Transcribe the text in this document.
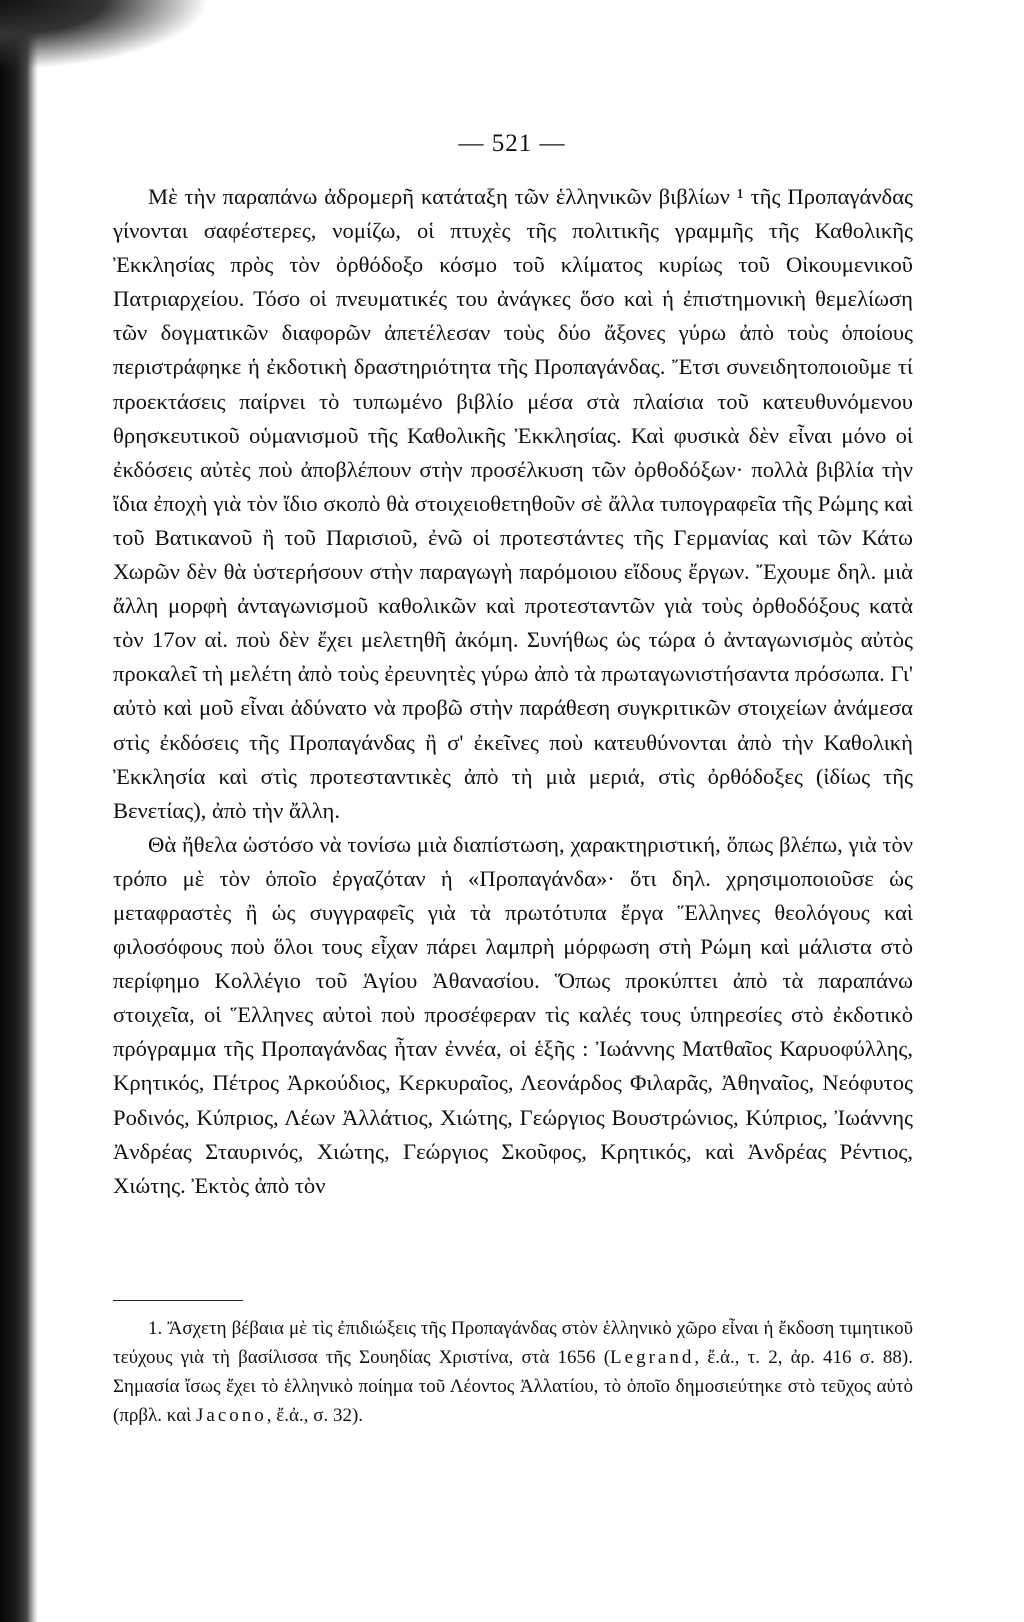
— 521 —

Μὲ τὴν παραπάνω ἀδρομερῆ κατάταξη τῶν ἑλληνικῶν βιβλίων ¹ τῆς Προπαγάνδας γίνονται σαφέστερες, νομίζω, οἱ πτυχὲς τῆς πολιτικῆς γραμμῆς τῆς Καθολικῆς Ἐκκλησίας πρὸς τὸν ὀρθόδοξο κόσμο τοῦ κλίματος κυρίως τοῦ Οἰκουμενικοῦ Πατριαρχείου. Τόσο οἱ πνευματικές του ἀνάγκες ὅσο καὶ ἡ ἐπιστημονικὴ θεμελίωση τῶν δογματικῶν διαφορῶν ἀπετέλεσαν τοὺς δύο ἄξονες γύρω ἀπὸ τοὺς ὁποίους περιστράφηκε ἡ ἐκδοτικὴ δραστηριότητα τῆς Προπαγάνδας. Ἔτσι συνειδητοποιοῦμε τί προεκτάσεις παίρνει τὸ τυπωμένο βιβλίο μέσα στὰ πλαίσια τοῦ κατευθυνόμενου θρησκευτικοῦ οὑμανισμοῦ τῆς Καθολικῆς Ἐκκλησίας. Καὶ φυσικὰ δὲν εἶναι μόνο οἱ ἐκδόσεις αὐτὲς ποὺ ἀποβλέπουν στὴν προσέλκυση τῶν ὀρθοδόξων· πολλὰ βιβλία τὴν ἴδια ἐποχὴ γιὰ τὸν ἴδιο σκοπὸ θὰ στοιχειοθετηθοῦν σὲ ἄλλα τυπογραφεῖα τῆς Ρώμης καὶ τοῦ Βατικανοῦ ἢ τοῦ Παρισιοῦ, ἐνῶ οἱ προτεστάντες τῆς Γερμανίας καὶ τῶν Κάτω Χωρῶν δὲν θὰ ὑστερήσουν στὴν παραγωγὴ παρόμοιου εἴδους ἔργων. Ἔχουμε δηλ. μιὰ ἄλλη μορφὴ ἀνταγωνισμοῦ καθολικῶν καὶ προτεσταντῶν γιὰ τοὺς ὀρθοδόξους κατὰ τὸν 17ον αἰ. ποὺ δὲν ἔχει μελετηθῆ ἀκόμη. Συνήθως ὡς τώρα ὁ ἀνταγωνισμὸς αὐτὸς προκαλεῖ τὴ μελέτη ἀπὸ τοὺς ἐρευνητὲς γύρω ἀπὸ τὰ πρωταγωνιστήσαντα πρόσωπα. Γι' αὐτὸ καὶ μοῦ εἶναι ἀδύνατο νὰ προβῶ στὴν παράθεση συγκριτικῶν στοιχείων ἀνάμεσα στὶς ἐκδόσεις τῆς Προπαγάνδας ἢ σ' ἐκεῖνες ποὺ κατευθύνονται ἀπὸ τὴν Καθολικὴ Ἐκκλησία καὶ στὶς προτεσταντικὲς ἀπὸ τὴ μιὰ μεριά, στὶς ὀρθόδοξες (ἰδίως τῆς Βενετίας), ἀπὸ τὴν ἄλλη.

Θὰ ἤθελα ὡστόσο νὰ τονίσω μιὰ διαπίστωση, χαρακτηριστική, ὅπως βλέπω, γιὰ τὸν τρόπο μὲ τὸν ὁποῖο ἐργαζόταν ἡ «Προπαγάνδα»· ὅτι δηλ. χρησιμοποιοῦσε ὡς μεταφραστὲς ἢ ὡς συγγραφεῖς γιὰ τὰ πρωτότυπα ἔργα Ἕλληνες θεολόγους καὶ φιλοσόφους ποὺ ὅλοι τους εἶχαν πάρει λαμπρὴ μόρφωση στὴ Ρώμη καὶ μάλιστα στὸ περίφημο Κολλέγιο τοῦ Ἁγίου Ἀθανασίου. Ὅπως προκύπτει ἀπὸ τὰ παραπάνω στοιχεῖα, οἱ Ἕλληνες αὐτοὶ ποὺ προσέφεραν τὶς καλές τους ὑπηρεσίες στὸ ἐκδοτικὸ πρόγραμμα τῆς Προπαγάνδας ἦταν ἐννέα, οἱ ἑξῆς : Ἰωάννης Ματθαῖος Καρυοφύλλης, Κρητικός, Πέτρος Ἀρκούδιος, Κερκυραῖος, Λεονάρδος Φιλαρᾶς, Ἀθηναῖος, Νεόφυτος Ροδινός, Κύπριος, Λέων Ἀλλάτιος, Χιώτης, Γεώργιος Βουστρώνιος, Κύπριος, Ἰωάννης Ἀνδρέας Σταυρινός, Χιώτης, Γεώργιος Σκοῦφος, Κρητικός, καὶ Ἀνδρέας Ρέντιος, Χιώτης. Ἐκτὸς ἀπὸ τὸν

1. Ἄσχετη βέβαια μὲ τὶς ἐπιδιώξεις τῆς Προπαγάνδας στὸν ἑλληνικὸ χῶρο εἶναι ἡ ἔκδοση τιμητικοῦ τεύχους γιὰ τὴ βασίλισσα τῆς Σουηδίας Χριστίνα, στὰ 1656 (Legrand, ἔ.ἀ., τ. 2, ἀρ. 416 σ. 88). Σημασία ἴσως ἔχει τὸ ἑλληνικὸ ποίημα τοῦ Λέοντος Ἀλλατίου, τὸ ὁποῖο δημοσιεύτηκε στὸ τεῦχος αὐτὸ (πρβλ. καὶ Jacono, ἔ.ἀ., σ. 32).
